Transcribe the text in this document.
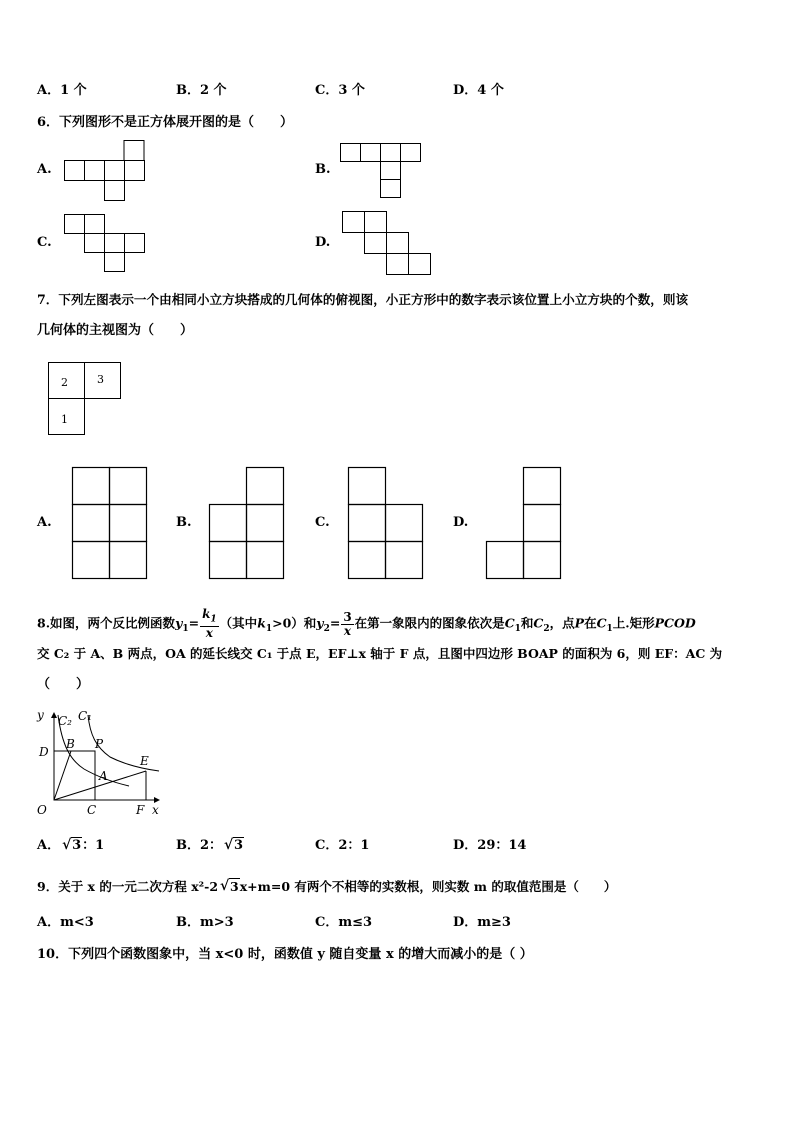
A．1 个	B．2 个	C．3 个	D．4 个
6．下列图形不是正方体展开图的是（　　）
A.	B.
C.	D.
7．下列左图表示一个由相同小立方块搭成的几何体的俯视图，小正方形中的数字表示该位置上小立方块的个数，则该
几何体的主视图为（　　）
2	3
1
A.	B.	C.	D.
8.如图，两个反比例函数$y_1= \frac{k_1}{x}$ （其中$k_1>0$）和$y_2= \frac{3}{x}$ 在第一象限内的图象依次是$C_1$和$C_2$，点P在$C_1$上.矩形PCOD
交 C₂ 于 A、B 两点，OA 的延长线交 C₁ 于点 E，EF⊥x 轴于 F 点，且图中四边形 BOAP 的面积为 6，则 EF：AC 为
（　　）
y C₂ C₁
D
B P
E
A
O	C	F x
A． √ 3：1	B．2： √ 3	C．2：1	D．29：14
9．关于 x 的一元二次方程 x²-2 √ 3x+m=0 有两个不相等的实数根，则实数 m 的取值范围是（　　）
A．m<3	B．m>3	C．m≤3	D．m≥3
10．下列四个函数图象中，当 x<0 时，函数值 y 随自变量 x 的增大而减小的是（ ）
